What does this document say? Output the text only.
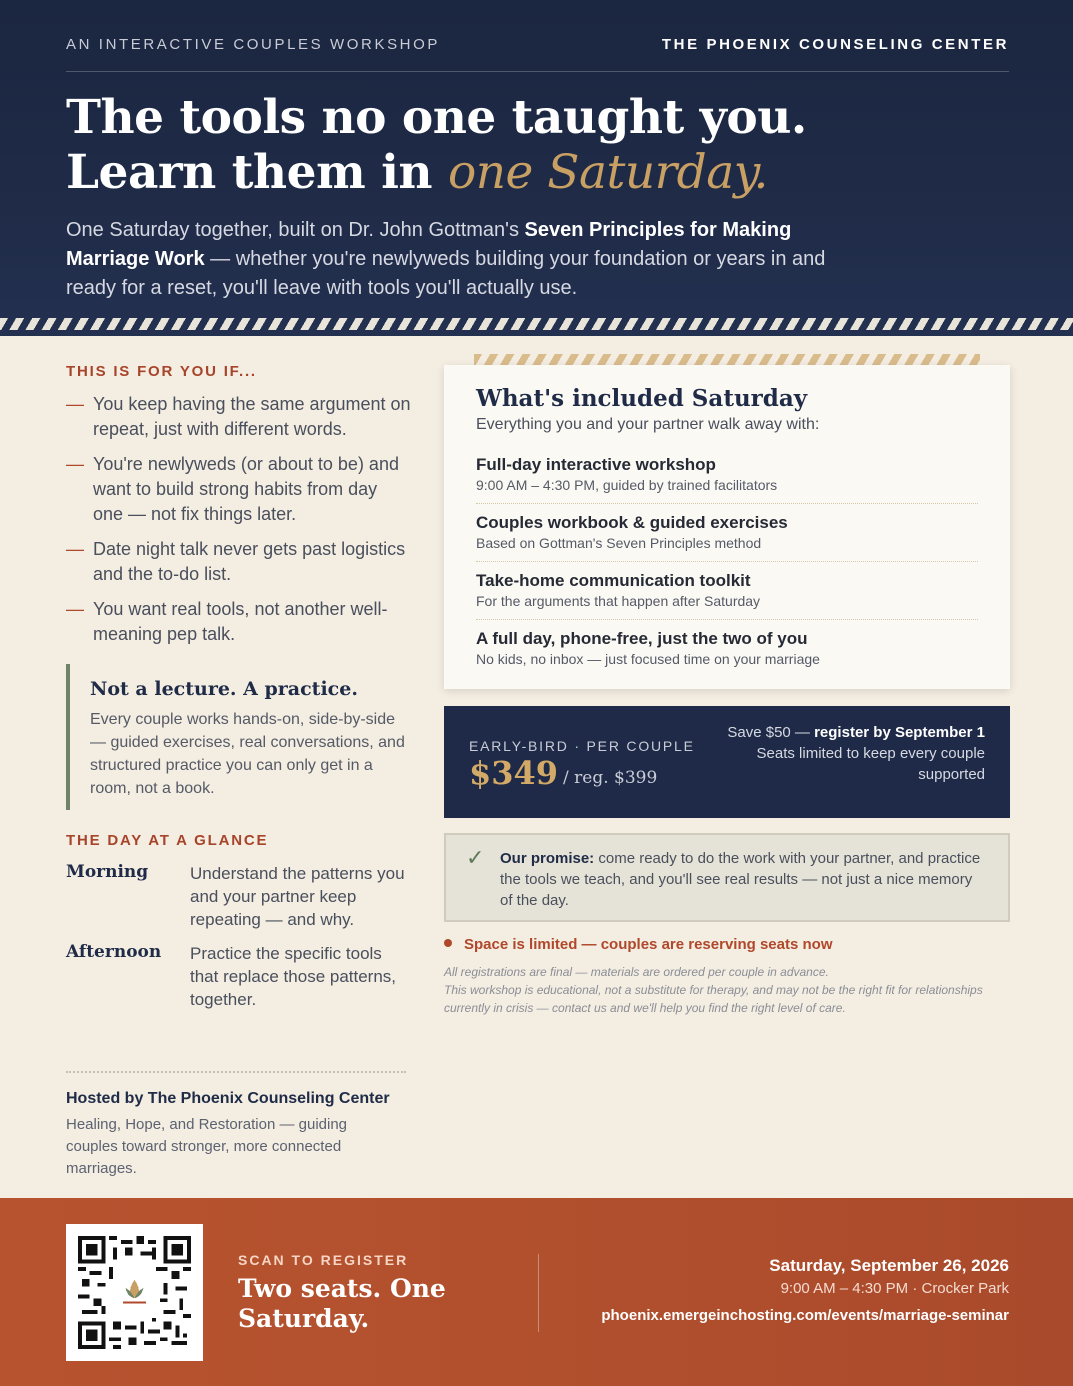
AN INTERACTIVE COUPLES WORKSHOP	THE PHOENIX COUNSELING CENTER
The tools no one taught you.
Learn them in one Saturday.
One Saturday together, built on Dr. John Gottman's Seven Principles for Making Marriage Work — whether you're newlyweds building your foundation or years in and ready for a reset, you'll leave with tools you'll actually use.
THIS IS FOR YOU IF...
— You keep having the same argument on repeat, just with different words.
— You're newlyweds (or about to be) and want to build strong habits from day one — not fix things later.
— Date night talk never gets past logistics and the to-do list.
— You want real tools, not another well-meaning pep talk.
Not a lecture. A practice.

Every couple works hands-on, side-by-side — guided exercises, real conversations, and structured practice you can only get in a room, not a book.

THE DAY AT A GLANCE
Morning Understand the patterns you and your partner keep repeating — and why.
Afternoon Practice the specific tools that replace those patterns, together.
Hosted by The Phoenix Counseling Center
Healing, Hope, and Restoration — guiding couples toward stronger, more connected marriages.
What's included Saturday
Everything you and your partner walk away with:
Full-day interactive workshop
9:00 AM – 4:30 PM, guided by trained facilitators
Couples workbook & guided exercises
Based on Gottman's Seven Principles method
Take-home communication toolkit
For the arguments that happen after Saturday
A full day, phone-free, just the two of you
No kids, no inbox — just focused time on your marriage
EARLY-BIRD · PER COUPLE
$349 / reg. $399
Save $50 — register by September 1
Seats limited to keep every couple supported
✓ Our promise: come ready to do the work with your partner, and practice the tools we teach, and you'll see real results — not just a nice memory of the day.
Space is limited — couples are reserving seats now
All registrations are final — materials are ordered per couple in advance.
This workshop is educational, not a substitute for therapy, and may not be the right fit for relationships currently in crisis — contact us and we'll help you find the right level of care.
SCAN TO REGISTER
Two seats. One Saturday.
Saturday, September 26, 2026
9:00 AM – 4:30 PM · Crocker Park
phoenix.emergeinchosting.com/events/marriage-seminar
